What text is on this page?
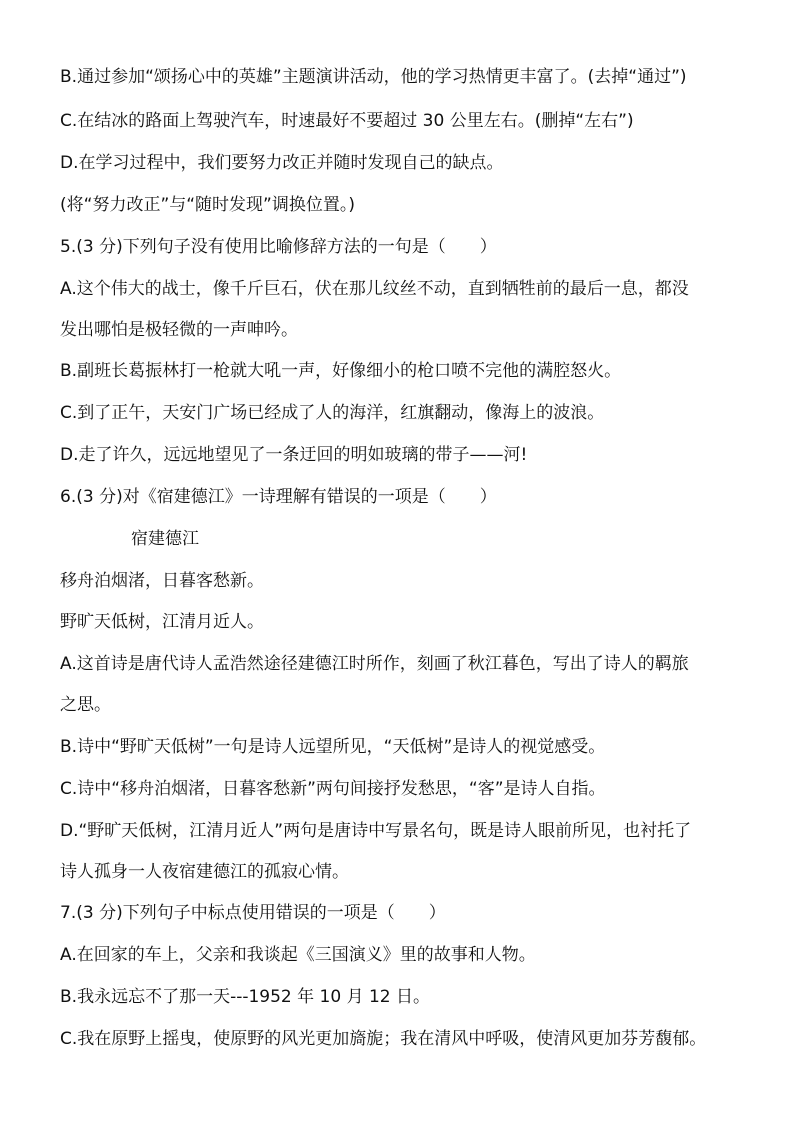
B.通过参加“颂扬心中的英雄”主题演讲活动，他的学习热情更丰富了。(去掉“通过”)

C.在结冰的路面上驾驶汽车，时速最好不要超过 30 公里左右。(删掉“左右”)

D.在学习过程中，我们要努力改正并随时发现自己的缺点。

(将“努力改正”与“随时发现”调换位置。)

5.(3 分)下列句子没有使用比喻修辞方法的一句是（　　）

A.这个伟大的战士，像千斤巨石，伏在那儿纹丝不动，直到牺牲前的最后一息，都没

发出哪怕是极轻微的一声呻吟。

B.副班长葛振林打一枪就大吼一声，好像细小的枪口喷不完他的满腔怒火。

C.到了正午，天安门广场已经成了人的海洋，红旗翻动，像海上的波浪。

D.走了许久，远远地望见了一条迂回的明如玻璃的带子——河!

6.(3 分)对《宿建德江》一诗理解有错误的一项是（　　）

宿建德江

移舟泊烟渚，日暮客愁新。

野旷天低树，江清月近人。

A.这首诗是唐代诗人孟浩然途径建德江时所作，刻画了秋江暮色，写出了诗人的羁旅

之思。

B.诗中“野旷天低树”一句是诗人远望所见，“天低树”是诗人的视觉感受。

C.诗中“移舟泊烟渚，日暮客愁新”两句间接抒发愁思，“客”是诗人自指。

D.“野旷天低树，江清月近人”两句是唐诗中写景名句，既是诗人眼前所见，也衬托了

诗人孤身一人夜宿建德江的孤寂心情。

7.(3 分)下列句子中标点使用错误的一项是（　　）

A.在回家的车上，父亲和我谈起《三国演义》里的故事和人物。

B.我永远忘不了那一天---1952 年 10 月 12 日。

C.我在原野上摇曳，使原野的风光更加旖旎；我在清风中呼吸，使清风更加芬芳馥郁。
